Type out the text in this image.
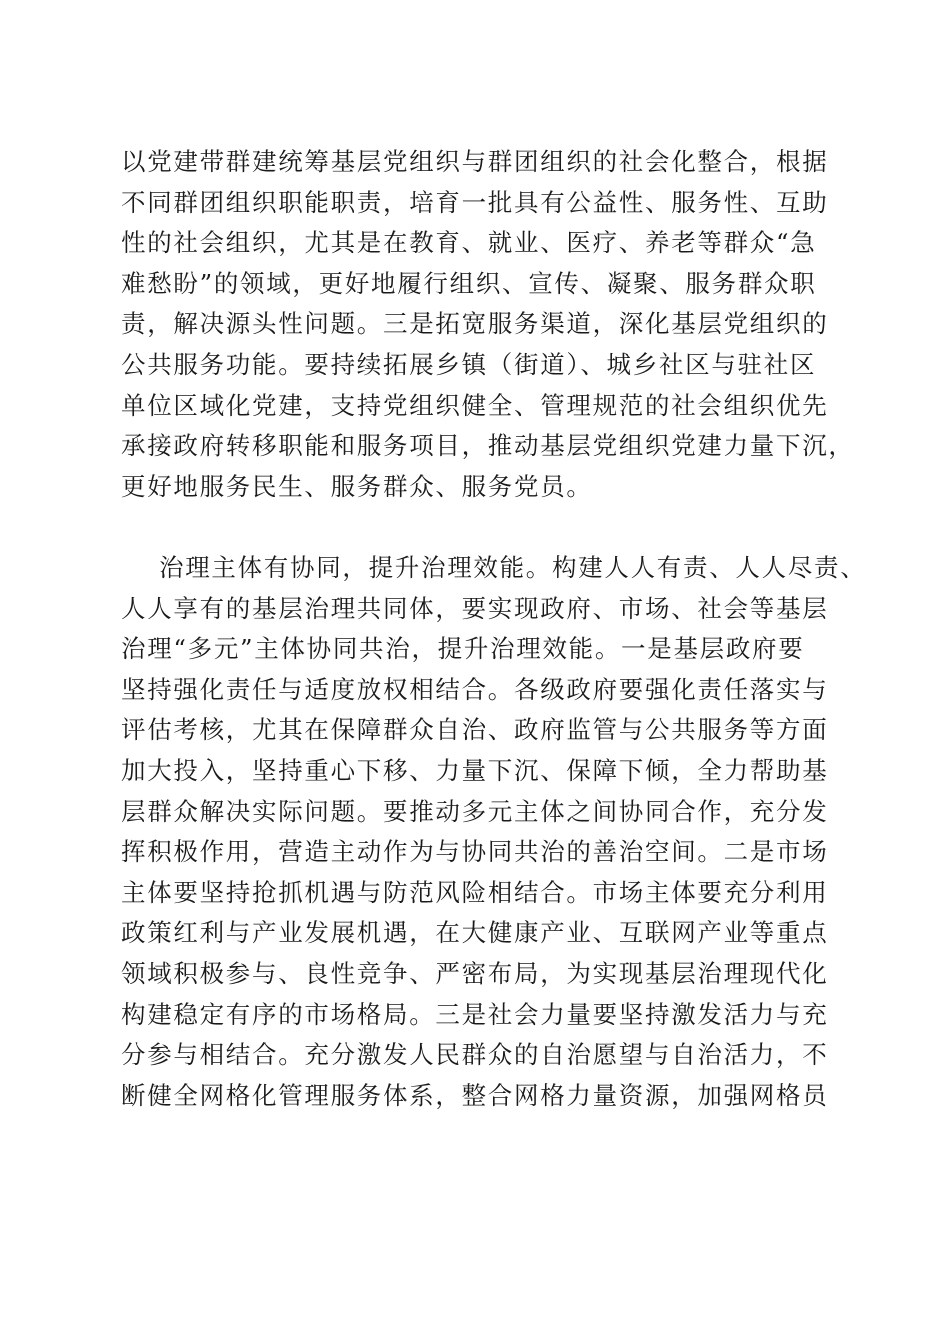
以党建带群建统筹基层党组织与群团组织的社会化整合，根据
不同群团组织职能职责，培育一批具有公益性、服务性、互助
性的社会组织，尤其是在教育、就业、医疗、养老等群众“急
难愁盼”的领域，更好地履行组织、宣传、凝聚、服务群众职
责，解决源头性问题。三是拓宽服务渠道，深化基层党组织的
公共服务功能。要持续拓展乡镇（街道）、城乡社区与驻社区
单位区域化党建，支持党组织健全、管理规范的社会组织优先
承接政府转移职能和服务项目，推动基层党组织党建力量下沉，
更好地服务民生、服务群众、服务党员。
治理主体有协同，提升治理效能。构建人人有责、人人尽责、
人人享有的基层治理共同体，要实现政府、市场、社会等基层
治理“多元”主体协同共治，提升治理效能。一是基层政府要
坚持强化责任与适度放权相结合。各级政府要强化责任落实与
评估考核，尤其在保障群众自治、政府监管与公共服务等方面
加大投入，坚持重心下移、力量下沉、保障下倾，全力帮助基
层群众解决实际问题。要推动多元主体之间协同合作，充分发
挥积极作用，营造主动作为与协同共治的善治空间。二是市场
主体要坚持抢抓机遇与防范风险相结合。市场主体要充分利用
政策红利与产业发展机遇，在大健康产业、互联网产业等重点
领域积极参与、良性竞争、严密布局，为实现基层治理现代化
构建稳定有序的市场格局。三是社会力量要坚持激发活力与充
分参与相结合。充分激发人民群众的自治愿望与自治活力，不
断健全网格化管理服务体系，整合网格力量资源，加强网格员
